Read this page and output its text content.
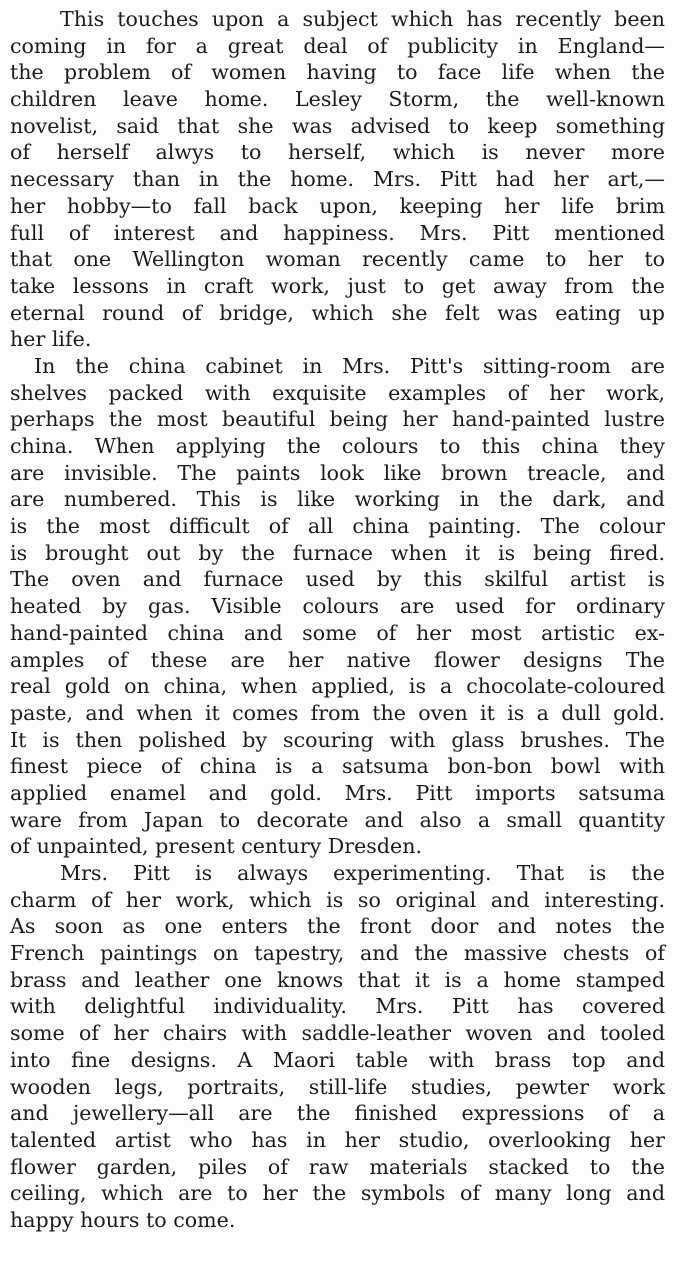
This touches upon a subject which has recently been
coming in for a great deal of publicity in England—
the problem of women having to face life when the
children leave home. Lesley Storm, the well-known
novelist, said that she was advised to keep something
of herself alwys to herself, which is never more
necessary than in the home. Mrs. Pitt had her art,—
her hobby—to fall back upon, keeping her life brim
full of interest and happiness. Mrs. Pitt mentioned
that one Wellington woman recently came to her to
take lessons in craft work, just to get away from the
eternal round of bridge, which she felt was eating up
her life.
In the china cabinet in Mrs. Pitt's sitting-room are
shelves packed with exquisite examples of her work,
perhaps the most beautiful being her hand-painted lustre
china. When applying the colours to this china they
are invisible. The paints look like brown treacle, and
are numbered. This is like working in the dark, and
is the most difficult of all china painting. The colour
is brought out by the furnace when it is being fired.
The oven and furnace used by this skilful artist is
heated by gas. Visible colours are used for ordinary
hand-painted china and some of her most artistic ex-
amples of these are her native flower designs The
real gold on china, when applied, is a chocolate-coloured
paste, and when it comes from the oven it is a dull gold.
It is then polished by scouring with glass brushes. The
finest piece of china is a satsuma bon-bon bowl with
applied enamel and gold. Mrs. Pitt imports satsuma
ware from Japan to decorate and also a small quantity
of unpainted, present century Dresden.
Mrs. Pitt is always experimenting. That is the
charm of her work, which is so original and interesting.
As soon as one enters the front door and notes the
French paintings on tapestry, and the massive chests of
brass and leather one knows that it is a home stamped
with delightful individuality. Mrs. Pitt has covered
some of her chairs with saddle-leather woven and tooled
into fine designs. A Maori table with brass top and
wooden legs, portraits, still-life studies, pewter work
and jewellery—all are the finished expressions of a
talented artist who has in her studio, overlooking her
flower garden, piles of raw materials stacked to the
ceiling, which are to her the symbols of many long and
happy hours to come.
